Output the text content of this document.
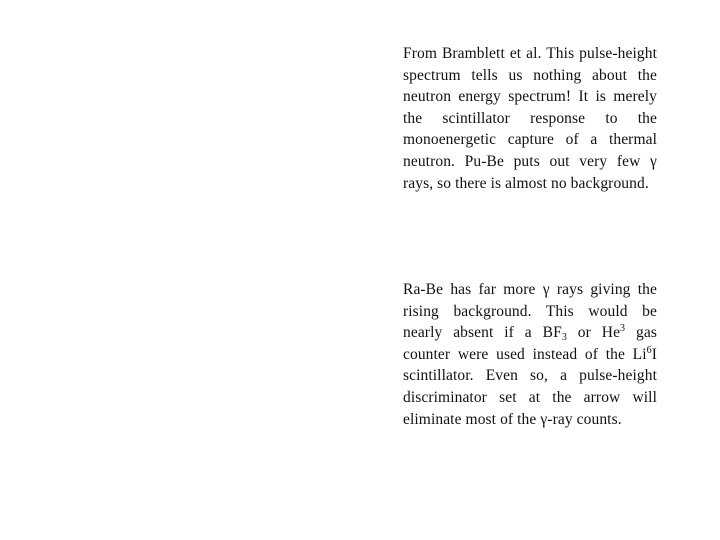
From Bramblett et al. This pulse-height spectrum tells us nothing about the neutron energy spectrum! It is merely the scintillator response to the monoenergetic capture of a thermal neutron. Pu-Be puts out very few γ rays, so there is almost no background.

Ra-Be has far more γ rays giving the rising background. This would be nearly absent if a $BF_3$ or He$^3$ gas counter were used instead of the Li$^6$I scintillator. Even so, a pulse-height discriminator set at the arrow will eliminate most of the γ-ray counts.
